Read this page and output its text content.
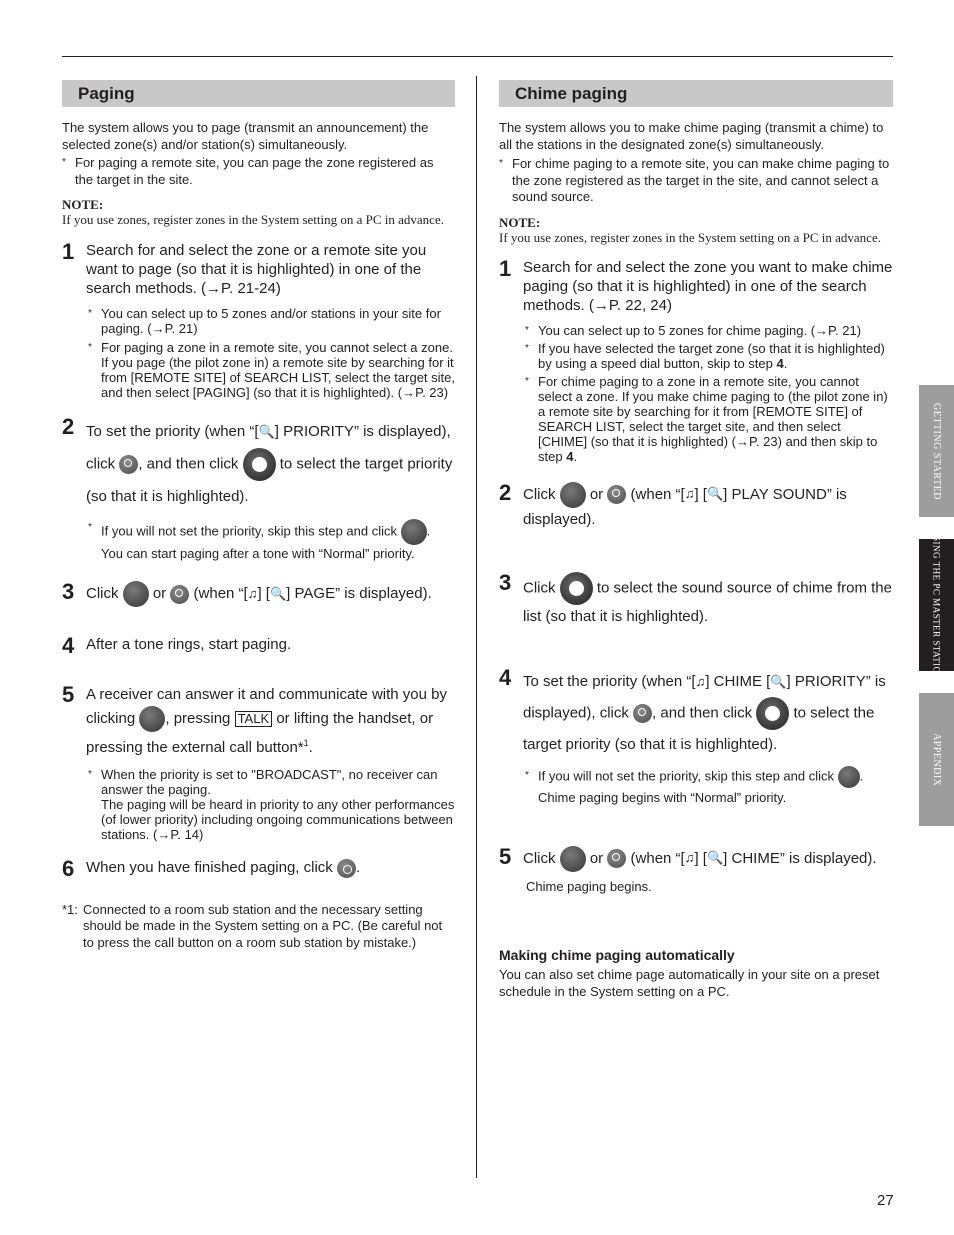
Paging
The system allows you to page (transmit an announcement) the selected zone(s) and/or station(s) simultaneously.
* For paging a remote site, you can page the zone registered as the target in the site.
NOTE:
If you use zones, register zones in the System setting on a PC in advance.
1 Search for and select the zone or a remote site you want to page (so that it is highlighted) in one of the search methods. (→P. 21-24)
* You can select up to 5 zones and/or stations in your site for paging. (→P. 21)
* For paging a zone in a remote site, you cannot select a zone. If you page (the pilot zone in) a remote site by searching for it from [REMOTE SITE] of SEARCH LIST, select the target site, and then select [PAGING] (so that it is highlighted). (→P. 23)
2 To set the priority (when “[🔍] PRIORITY” is displayed), click , and then click	to select the target priority (so that it is highlighted).
* If you will not set the priority, skip this step and click . You can start paging after a tone with “Normal” priority.
3 Click or (when “[♫] [🔍] PAGE” is displayed).
4 After a tone rings, start paging.
5 A receiver can answer it and communicate with you by clicking , pressing TALK or lifting the handset, or pressing the external call button*$^1$.
* When the priority is set to "BROADCAST", no receiver can answer the paging.
The paging will be heard in priority to any other performances (of lower priority) including ongoing communications between stations. (→P. 14)
6 When you have finished paging, click .
*1: Connected to a room sub station and the necessary setting should be made in the System setting on a PC. (Be careful not to press the call button on a room sub station by mistake.)
Chime paging
The system allows you to make chime paging (transmit a chime) to all the stations in the designated zone(s) simultaneously.
* For chime paging to a remote site, you can make chime paging to the zone registered as the target in the site, and cannot select a sound source.
NOTE:
If you use zones, register zones in the System setting on a PC in advance.
1 Search for and select the zone you want to make chime paging (so that it is highlighted) in one of the search methods. (→P. 22, 24)
* You can select up to 5 zones for chime paging. (→P. 21)
* If you have selected the target zone (so that it is highlighted) by using a speed dial button, skip to step 4.
* For chime paging to a zone in a remote site, you cannot select a zone. If you make chime paging to (the pilot zone in) a remote site by searching for it from [REMOTE SITE] of SEARCH LIST, select the target site, and then select [CHIME] (so that it is highlighted) (→P. 23) and then skip to step 4.
2 Click or (when “[♫] [🔍] PLAY SOUND” is displayed).
3 Click	to select the sound source of chime from the list (so that it is highlighted).
4 To set the priority (when “[♫] CHIME [🔍] PRIORITY” is displayed), click , and then click	to select the target priority (so that it is highlighted).
* If you will not set the priority, skip this step and click .
Chime paging begins with “Normal” priority.
5 Click or (when “[♫] [🔍] CHIME” is displayed).
Chime paging begins.
Making chime paging automatically
You can also set chime page automatically in your site on a preset schedule in the System setting on a PC.
GETTING STARTED
USING THE PC MASTER STATION
APPENDIX
27
